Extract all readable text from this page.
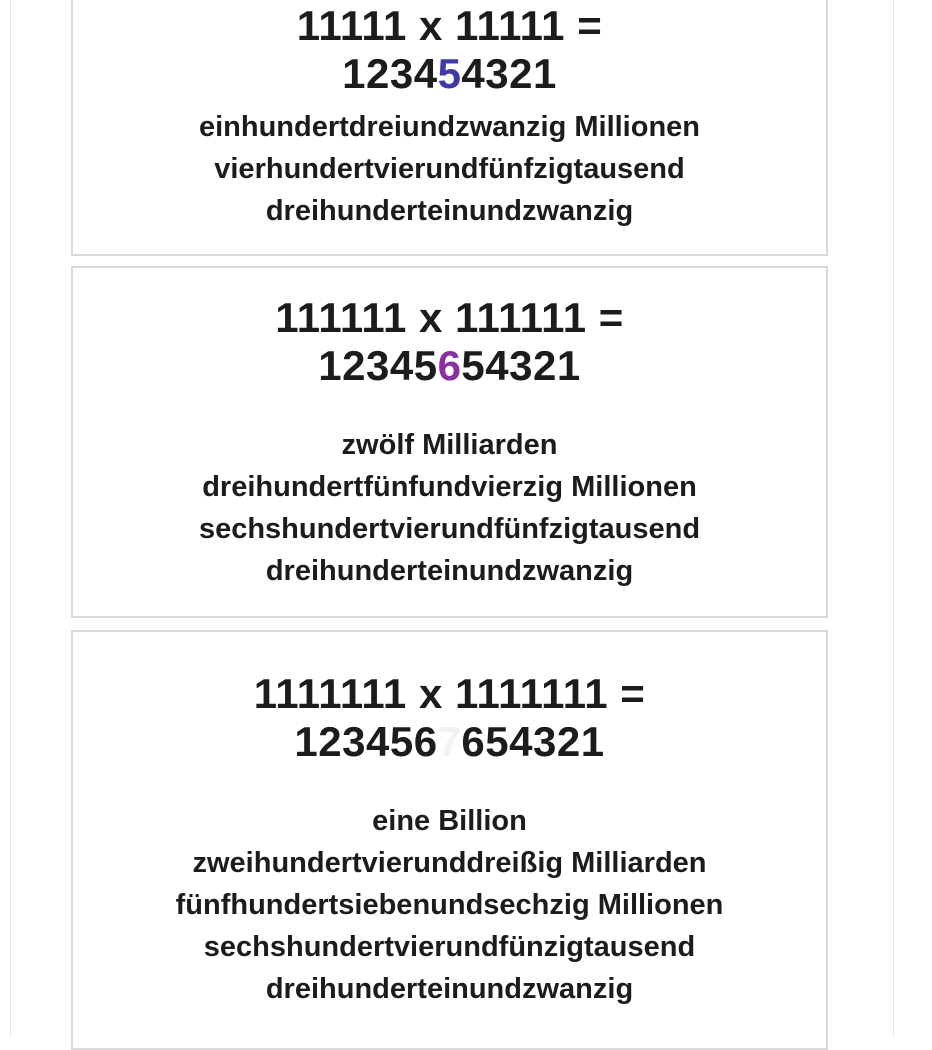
11111 x 11111 =
123454321
einhundertdreiundzwanzig Millionen
vierhundertvierundfünfzigtausend
dreihunderteinundzwanzig
111111 x 111111 =
12345654321
zwölf Milliarden
dreihundertfünfundvierzig Millionen
sechshundertvierundfünfzigtausend
dreihunderteinundzwanzig
1111111 x 1111111 =
1234567654321
eine Billion
zweihundertvierunddreißig Milliarden
fünfhundertsiebenundsechzig Millionen
sechshundertvierundfünzigtausend
dreihunderteinundzwanzig
